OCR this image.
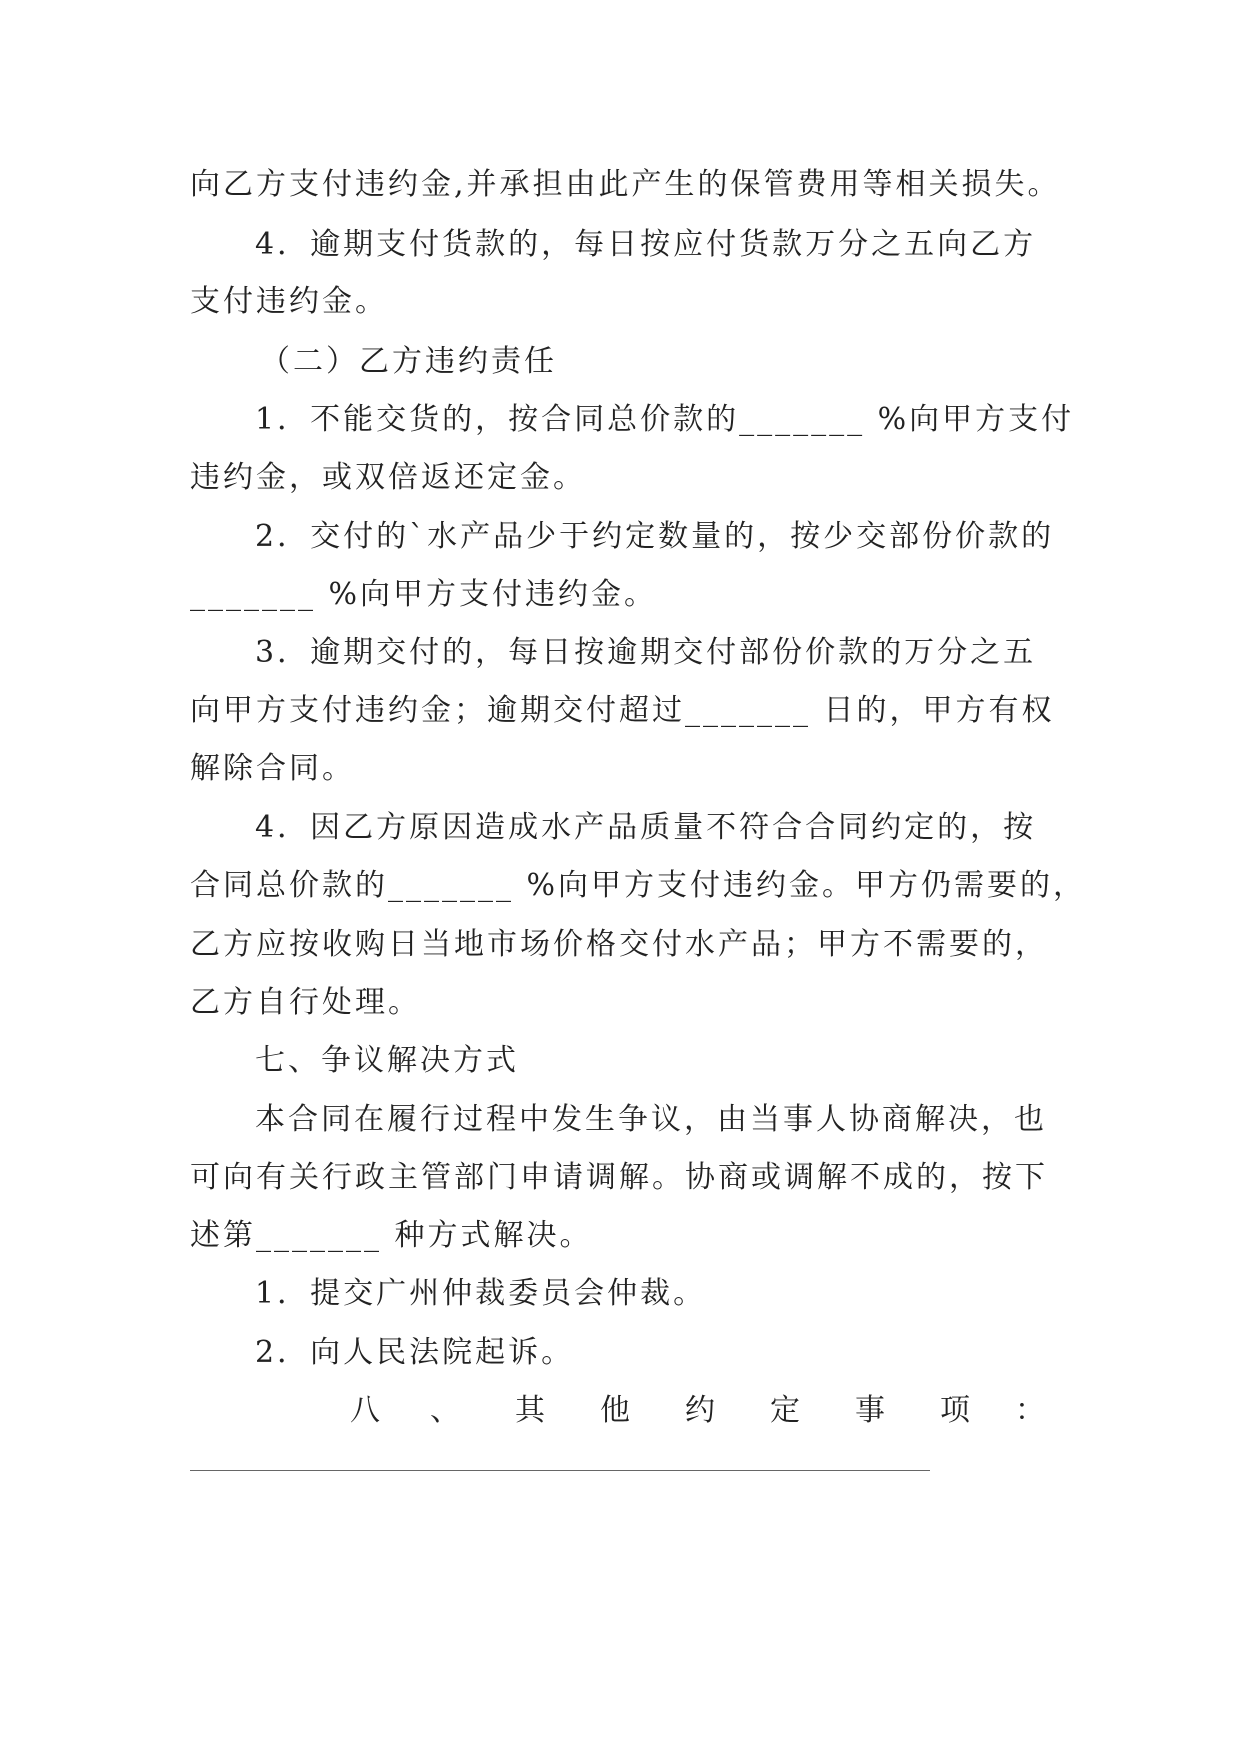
向乙方支付违约金,并承担由此产生的保管费用等相关损失。
4．逾期支付货款的，每日按应付货款万分之五向乙方
支付违约金。
（二）乙方违约责任
1．不能交货的，按合同总价款的_______ %向甲方支付
违约金，或双倍返还定金。
2．交付的`水产品少于约定数量的，按少交部份价款的
_______ %向甲方支付违约金。
3．逾期交付的，每日按逾期交付部份价款的万分之五
向甲方支付违约金；逾期交付超过_______ 日的，甲方有权
解除合同。
4．因乙方原因造成水产品质量不符合合同约定的，按
合同总价款的_______ %向甲方支付违约金。甲方仍需要的，
乙方应按收购日当地市场价格交付水产品；甲方不需要的，
乙方自行处理。
七、争议解决方式
本合同在履行过程中发生争议，由当事人协商解决，也
可向有关行政主管部门申请调解。协商或调解不成的，按下
述第_______ 种方式解决。
1．提交广州仲裁委员会仲裁。
2．向人民法院起诉。
八 、 其 他 约 定 事 项 ：
